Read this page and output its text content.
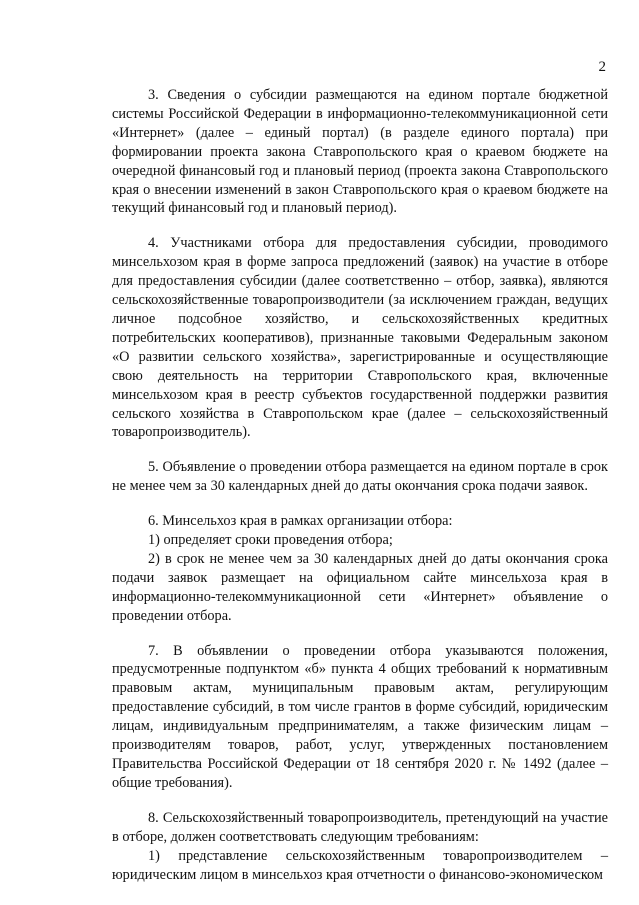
2

3. Сведения о субсидии размещаются на едином портале бюджетной системы Российской Федерации в информационно-телекоммуникационной сети «Интернет» (далее – единый портал) (в разделе единого портала) при формировании проекта закона Ставропольского края о краевом бюджете на очередной финансовый год и плановый период (проекта закона Ставропольского края о внесении изменений в закон Ставропольского края о краевом бюджете на текущий финансовый год и плановый период).

4. Участниками отбора для предоставления субсидии, проводимого минсельхозом края в форме запроса предложений (заявок) на участие в отборе для предоставления субсидии (далее соответственно – отбор, заявка), являются сельскохозяйственные товаропроизводители (за исключением граждан, ведущих личное подсобное хозяйство, и сельскохозяйственных кредитных потребительских кооперативов), признанные таковыми Федеральным законом «О развитии сельского хозяйства», зарегистрированные и осуществляющие свою деятельность на территории Ставропольского края, включенные минсельхозом края в реестр субъектов государственной поддержки развития сельского хозяйства в Ставропольском крае (далее – сельскохозяйственный товаропроизводитель).

5. Объявление о проведении отбора размещается на едином портале в срок не менее чем за 30 календарных дней до даты окончания срока подачи заявок.

6. Минсельхоз края в рамках организации отбора:

1) определяет сроки проведения отбора;

2) в срок не менее чем за 30 календарных дней до даты окончания срока подачи заявок размещает на официальном сайте минсельхоза края в информационно-телекоммуникационной сети «Интернет» объявление о проведении отбора.

7. В объявлении о проведении отбора указываются положения, предусмотренные подпунктом «б» пункта 4 общих требований к нормативным правовым актам, муниципальным правовым актам, регулирующим предоставление субсидий, в том числе грантов в форме субсидий, юридическим лицам, индивидуальным предпринимателям, а также физическим лицам – производителям товаров, работ, услуг, утвержденных постановлением Правительства Российской Федерации от 18 сентября 2020 г. № 1492 (далее – общие требования).

8. Сельскохозяйственный товаропроизводитель, претендующий на участие в отборе, должен соответствовать следующим требованиям:

1) представление сельскохозяйственным товаропроизводителем – юридическим лицом в минсельхоз края отчетности о финансово-экономическом
